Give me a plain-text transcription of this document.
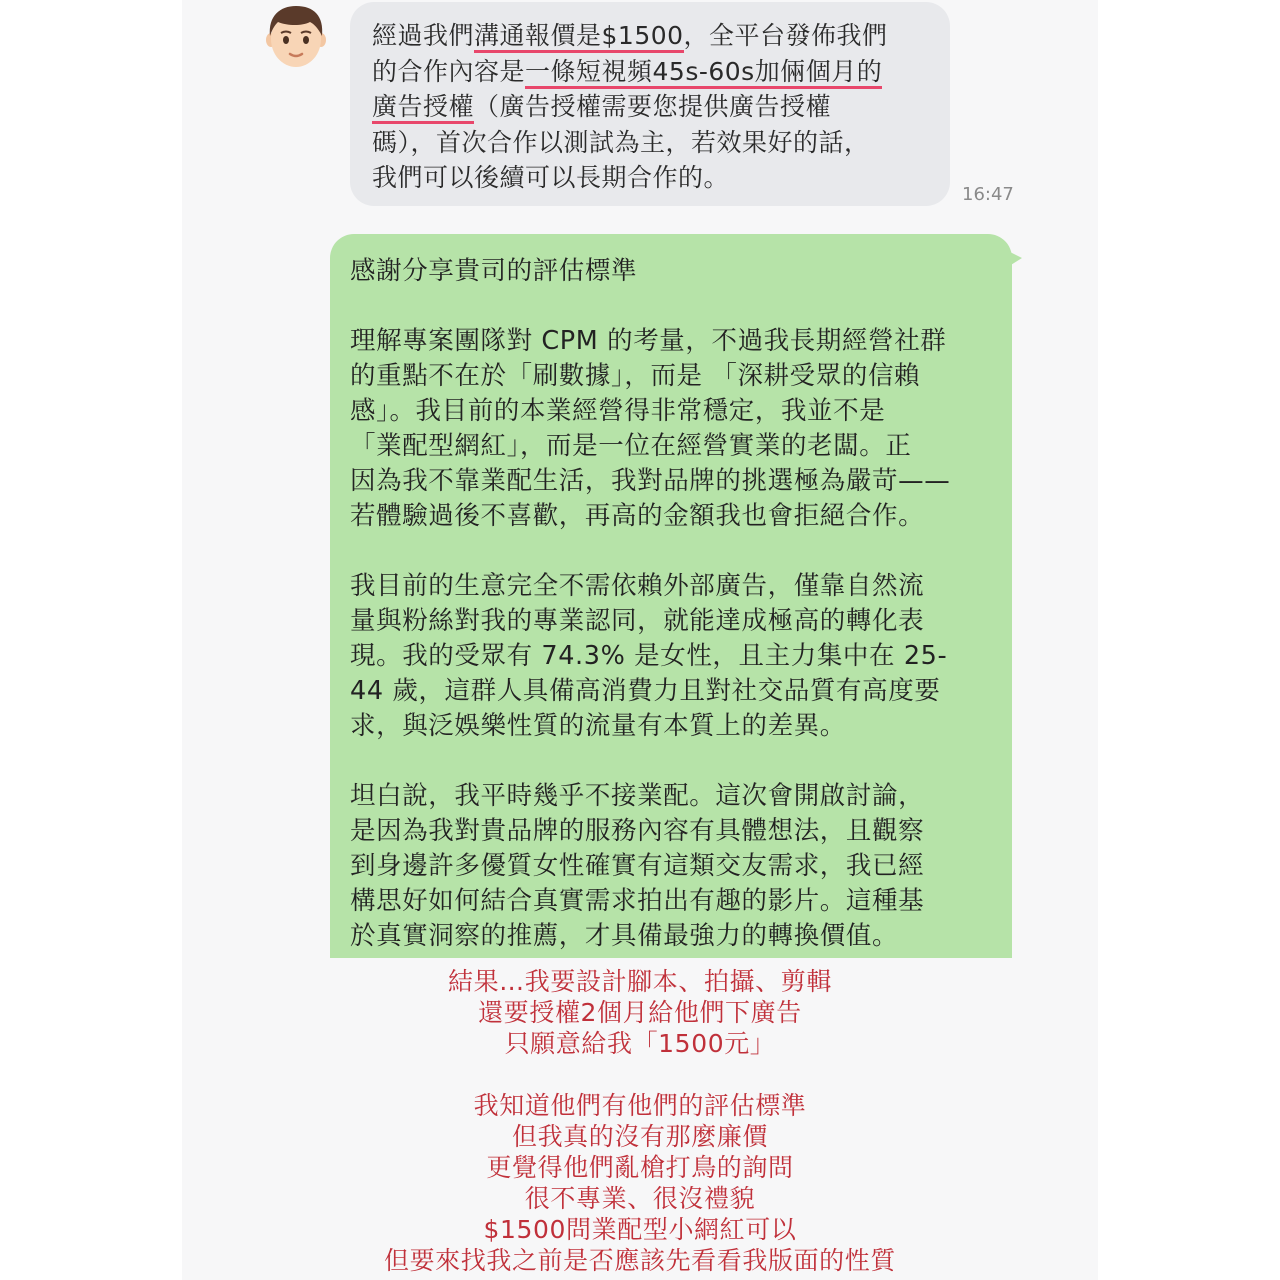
經過我們溝通報價是$1500，全平台發佈我們
的合作內容是一條短視頻45s-60s加倆個月的
廣告授權（廣告授權需要您提供廣告授權
碼），首次合作以測試為主，若效果好的話，
我們可以後續可以長期合作的。
16:47
感謝分享貴司的評估標準
理解專案團隊對 CPM 的考量，不過我長期經營社群
的重點不在於「刷數據」，而是 「深耕受眾的信賴
感」。我目前的本業經營得非常穩定，我並不是
「業配型網紅」，而是一位在經營實業的老闆。正
因為我不靠業配生活，我對品牌的挑選極為嚴苛——
若體驗過後不喜歡，再高的金額我也會拒絕合作。
我目前的生意完全不需依賴外部廣告，僅靠自然流
量與粉絲對我的專業認同，就能達成極高的轉化表
現。我的受眾有 74.3% 是女性，且主力集中在 25-
44 歲，這群人具備高消費力且對社交品質有高度要
求，與泛娛樂性質的流量有本質上的差異。
坦白說，我平時幾乎不接業配。這次會開啟討論，
是因為我對貴品牌的服務內容有具體想法，且觀察
到身邊許多優質女性確實有這類交友需求，我已經
構思好如何結合真實需求拍出有趣的影片。這種基
於真實洞察的推薦，才具備最強力的轉換價值。
結果…我要設計腳本、拍攝、剪輯
還要授權2個月給他們下廣告
只願意給我「1500元」
我知道他們有他們的評估標準
但我真的沒有那麼廉價
更覺得他們亂槍打鳥的詢問
很不專業、很沒禮貌
$1500問業配型小網紅可以
但要來找我之前是否應該先看看我版面的性質
